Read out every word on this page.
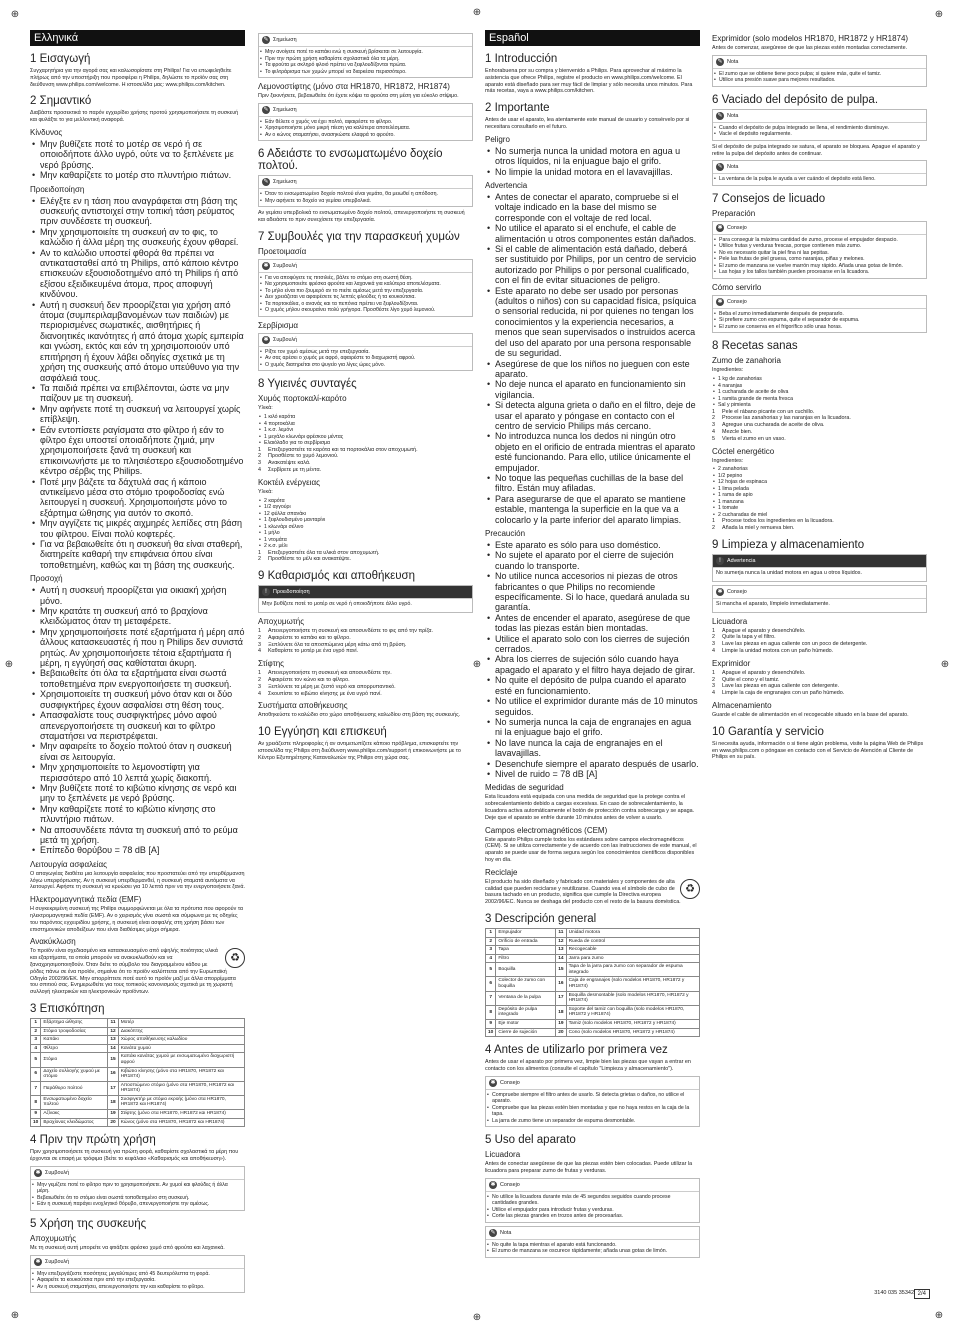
⊕	⊕	⊕
⊕	⊕	⊕
⊕	⊕	⊕
Ελληνικά
1 Εισαγωγή

Συγχαρητήρια για την αγορά σας και καλωσορίσατε στη Philips! Για να επωφεληθείτε πλήρως από την υποστήριξη που προσφέρει η Philips, δηλώστε το προϊόν σας στη διεύθυνση www.philips.com/welcome. Η ιστοσελίδα μας: www.philips.com/kitchen.

2 Σημαντικό

Διαβάστε προσεκτικά το παρόν εγχειρίδιο χρήσης προτού χρησιμοποιήσετε τη συσκευή και φυλάξτε το για μελλοντική αναφορά.

Κίνδυνος
• Μην βυθίζετε ποτέ το μοτέρ σε νερό ή σε οποιοδήποτε άλλο υγρό, ούτε να το ξεπλένετε με νερό βρύσης.
• Μην καθαρίζετε το μοτέρ στο πλυντήριο πιάτων.
Προειδοποίηση
• Ελέγξτε εν η τάση που αναγράφεται στη βάση της συσκευής αντιστοιχεί στην τοπική τάση ρεύματος πριν συνδέσετε τη συσκευή.
• Μην χρησιμοποιείτε τη συσκευή αν το φις, το καλώδιο ή άλλα μέρη της συσκευής έχουν φθαρεί.
• Αν το καλώδιο υποστεί φθορά θα πρέπει να αντικατασταθεί από τη Philips, από κάποιο κέντρο επισκευών εξουσιοδοτημένο από τη Philips ή από εξίσου εξειδικευμένα άτομα, προς αποφυγή κινδύνου.
• Αυτή η συσκευή δεν προορίζεται για χρήση από άτομα (συμπεριλαμβανομένων των παιδιών) με περιορισμένες σωματικές, αισθητήριες ή διανοητικές ικανότητες ή από άτομα χωρίς εμπειρία και γνώση, εκτός και εάν τη χρησιμοποιούν υπό επιτήρηση ή έχουν λάβει οδηγίες σχετικά με τη χρήση της συσκευής από άτομο υπεύθυνο για την ασφάλειά τους.
• Τα παιδιά πρέπει να επιβλέπονται, ώστε να μην παίζουν με τη συσκευή.
• Μην αφήνετε ποτέ τη συσκευή να λειτουργεί χωρίς επίβλεψη.
• Εάν εντοπίσετε ραγίσματα στο φίλτρο ή εάν το φίλτρο έχει υποστεί οποιαδήποτε ζημιά, μην χρησιμοποιήσετε ξανά τη συσκευή και επικοινωνήστε με το πλησιέστερο εξουσιοδοτημένο κέντρο σέρβις της Philips.
• Ποτέ μην βάζετε τα δάχτυλά σας ή κάποιο αντικείμενο μέσα στο στόμιο τροφοδοσίας ενώ λειτουργεί η συσκευή. Χρησιμοποιήστε μόνο το εξάρτημα ώθησης για αυτόν το σκοπό.
• Μην αγγίζετε τις μικρές αιχμηρές λεπίδες στη βάση του φίλτρου. Είναι πολύ κοφτερές.
• Για να βεβαιωθείτε ότι η συσκευή θα είναι σταθερή, διατηρείτε καθαρή την επιφάνεια όπου είναι τοποθετημένη, καθώς και τη βάση της συσκευής.
Προσοχή
• Αυτή η συσκευή προορίζεται για οικιακή χρήση μόνο.
• Μην κρατάτε τη συσκευή από το βραχίονα κλειδώματος όταν τη μεταφέρετε.
• Μην χρησιμοποιήσετε ποτέ εξαρτήματα ή μέρη από άλλους κατασκευαστές ή που η Philips δεν συνιστά ρητώς. Αν χρησιμοποιήσετε τέτοια εξαρτήματα ή μέρη, η εγγύησή σας καθίσταται άκυρη.
• Βεβαιωθείτε ότι όλα τα εξαρτήματα είναι σωστά τοποθετημένα πριν ενεργοποιήσετε τη συσκευή.
• Χρησιμοποιείτε τη συσκευή μόνο όταν και οι δύο συσφιγκτήρες έχουν ασφαλίσει στη θέση τους.
• Απασφαλίστε τους συσφιγκτήρες μόνο αφού απενεργοποιήσετε τη συσκευή και το φίλτρο σταματήσει να περιστρέφεται.
• Μην αφαιρείτε το δοχείο πολτού όταν η συσκευή είναι σε λειτουργία.
• Μην χρησιμοποιείτε το λεμονοστίφτη για περισσότερο από 10 λεπτά χωρίς διακοπή.
• Μην βυθίζετε ποτέ το κιβώτιο κίνησης σε νερό και μην το ξεπλένετε με νερό βρύσης.
• Μην καθαρίζετε ποτέ το κιβώτιο κίνησης στο πλυντήριο πιάτων.
• Να αποσυνδέετε πάντα τη συσκευή από το ρεύμα μετά τη χρήση.
• Επίπεδο θορύβου = 78 dB [A]
Λειτουργία ασφαλείας

Ο απαγωγέας διαθέτει μια λειτουργία ασφαλείας που προστατεύει από την υπερθέρμανση λόγω υπερφόρτωσης. Αν η συσκευή υπερθερμανθεί, η συσκευή σταματά αυτόματα να λειτουργεί. Αφήστε τη συσκευή να κρυώσει για 10 λεπτά πριν να την ενεργοποιήσετε ξανά.

Ηλεκτρομαγνητικά πεδία (EMF)

Η συγκεκριμένη συσκευή της Philips συμμορφώνεται με όλα τα πρότυπα που αφορούν τα ηλεκτρομαγνητικά πεδία (EMF). Αν ο χειρισμός γίνει σωστά και σύμφωνα με τις οδηγίες του παρόντος εγχειριδίου χρήσης, η συσκευή είναι ασφαλής στη χρήση βάσει των επιστημονικών αποδείξεων που είναι διαθέσιμες μέχρι σήμερα.

Ανακύκλωση
♻

Το προϊόν είναι σχεδιασμένο και κατασκευασμένο από υψηλής ποιότητας υλικά και εξαρτήματα, τα οποία μπορούν να ανακυκλωθούν και να ξαναχρησιμοποιηθούν. Όταν δείτε το σύμβολο του διαγραμμένου κάδου με ρόδες πάνω σε ένα προϊόν, σημαίνει ότι το προϊόν καλύπτεται από την Ευρωπαϊκή Οδηγία 2002/96/ΕΚ. Μην απορρίπτετε ποτέ αυτό το προϊόν μαζί με άλλα απορρίμματα του σπιτιού σας. Ενημερωθείτε για τους τοπικούς κανονισμούς σχετικά με τη χωριστή συλλογή ηλεκτρικών και ηλεκτρονικών προϊόντων.

3 Επισκόπηση
1	Εξάρτημα ώθησης	11	Μοτέρ
2	Στόμιο τροφοδοσίας	12	Διακόπτης
3	Καπάκι	13	Χώρος αποθήκευσης καλωδίου
4	Φίλτρο	14	Κανάτα χυμού
5	Στόμιο	15	Καπάκι κανάτας χυμού με ενσωματωμένο διαχωριστή αφρού
6	Δοχείο συλλογής χυμού με στόμιο	16	Κιβώτιο κίνησης (μόνο στα HR1870, HR1872 και HR1874)
7	Παράθυρο πολτού	17	Αποσπώμενο στόμιο (μόνο στα HR1870, HR1872 και HR1874)
8	Ενσωματωμένο δοχείο πολτού	18	Συσφιγκτήρ με στόμιο εκροής (μόνο στα HR1870, HR1872 και HR1874)
9	Αζίνακς	19	Στίφτης (μόνο στα HR1870, HR1872 και HR1874)
10	Βραχίονας κλειδώματος	20	Κώνος (μόνο στα HR1870, HR1872 και HR1874)
4 Πριν την πρώτη χρήση

Πριν χρησιμοποιήσετε τη συσκευή για πρώτη φορά, καθαρίστε σχολαστικά τα μέρη που έρχονται σε επαφή με τρόφιμα (δείτε το κεφάλαιο «Καθαρισμός και αποθήκευση»).

✱ Συμβουλή
• Μην γεμίζετε ποτέ το φίλτρο πριν το χρησιμοποιήσετε. Αν χυμοί και φλούδες ή άλλα μέρη.
• Βεβαιωθείτε ότι το στόμιο είναι σωστά τοποθετημένο στη συσκευή.
• Εάν η συσκευή παράγει ενοχλητικό θόρυβο, απενεργοποιήστε την αμέσως.
5 Χρήση της συσκευής
Απoχυμωτής

Με τη συσκευή αυτή μπορείτε να φτιάξετε φρέσκο χυμό από φρούτα και λαχανικά.

✱ Συμβουλή
• Μην επεξεργάζεστε ποσότητες μεγαλύτερες από 45 δευτερόλεπτα τη φορά.
• Αφαιρείτε τα κουκούτσια πριν από την επεξεργασία.
• Αν η συσκευή σταματήσει, απενεργοποιήστε την και καθαρίστε το φίλτρο.
✎ Σημείωση
• Μην ανοίγετε ποτέ το καπάκι ενώ η συσκευή βρίσκεται σε λειτουργία.
• Πριν την πρώτη χρήση καθαρίστε σχολαστικά όλα τα μέρη.
• Τα φρούτα με σκληρό φλοιό πρέπει να ξεφλουδίζονται πρώτα.
• Το φιλτράρισμα των χυμών μπορεί να διαρκέσει περισσότερο.
Λεμονοστίφτης (μόνο στα HR1870, HR1872, HR1874)

Πριν ξεκινήσετε, βεβαιωθείτε ότι έχετε κόψει τα φρούτα στη μέση για εύκολο στίψιμο.

✎ Σημείωση
• Εάν θέλετε ο χυμός να έχει πολτό, αφαιρέστε το φίλτρο.
• Χρησιμοποιήστε μόνο μικρή πίεση για καλύτερα αποτελέσματα.
• Αν ο κώνος σταματήσει, ανασηκώστε ελαφρά το φρούτο.
6 Αδειάστε το ενσωματωμένο δοχείο πολτού.
✎ Σημείωση
• Όταν το ενσωματωμένο δοχείο πολτού είναι γεμάτο, θα μειωθεί η απόδοση.
• Μην αφήνετε το δοχείο να γεμίσει υπερβολικά.

Αν γεμίσει υπερβολικά το ενσωματωμένο δοχείο πολτού, απενεργοποιήστε τη συσκευή και αδειάστε το πριν συνεχίσετε την επεξεργασία.

7 Συμβουλές για την παρασκευή χυμών
Προετοιμασία
✱ Συμβουλή
• Για να αποφύγετε τις πιτσιλιές, βάλτε το στόμιο στη σωστή θέση.
• Να χρησιμοποιείτε φρέσκα φρούτα και λαχανικά για καλύτερα αποτελέσματα.
• Το μήλο είναι πιο ζουμερό αν το πιείτε αμέσως μετά την επεξεργασία.
• Δεν χρειάζεται να αφαιρέσετε τις λεπτές φλούδες ή τα κουκούτσια.
• Τα πορτοκάλια, ο ανανάς και τα πεπόνια πρέπει να ξεφλουδίζονται.
• Ο χυμός μήλου σκουραίνει πολύ γρήγορα. Προσθέστε λίγο χυμό λεμονιού.
Σερβίρισμα
✱ Συμβουλή
• Ρίξτε τον χυμό αμέσως μετά την επεξεργασία.
• Αν σας αρέσει ο χυμός με αφρό, αφαιρέστε το διαχωριστή αφρού.
• Ο χυμός διατηρείται στο ψυγείο για λίγες ώρες μόνο.
8 Υγιεινές συνταγές
Χυμός πορτοκαλί-καρότο

Υλικά:

• 1 κιλό καρότα
• 4 πορτοκάλια
• 1 κ.σ. λεμόνι
• 1 μεγάλο κλωνάρι φρέσκου μέντας
• Ελαιόλαδο για το σερβίρισμα
1	Επεξεργαστείτε τα καρότα και τα πορτοκάλια στον απoχυμωτή.
2	Προσθέστε το χυμό λεμονιού.
3	Ανακατέψτε καλά.
4	Σερβίρετε με τη μέντα.
Κοκτέιλ ενέργειας

Υλικά:

• 2 καρότα
• 1/2 αγγούρι
• 12 φύλλα σπανάκι
• 1 ξεφλουδισμένο μανταρίνι
• 1 κλωνάρι σέλινο
• 1 μήλο
• 1 ντομάτα
• 2 κ.σ. μέλι
1	Επεξεργαστείτε όλα τα υλικά στον απoχυμωτή.
2	Προσθέστε το μέλι και ανακατέψτε.
9 Καθαρισμός και αποθήκευση
!	Προειδοποίηση

Μην βυθίζετε ποτέ το μοτέρ σε νερό ή οποιοδήποτε άλλο υγρό.

Απoχυμωτής
1	Απενεργοποιήστε τη συσκευή και αποσυνδέστε το φις από την πρίζα.
2	Αφαιρέστε το καπάκι και το φίλτρο.
3	Ξεπλύνετε όλα τα αποσπώμενα μέρη κάτω από τη βρύση.
4	Καθαρίστε το μοτέρ με ένα υγρό πανί.
Στίφτης
1	Απενεργοποιήστε τη συσκευή και αποσυνδέστε την.
2	Αφαιρέστε τον κώνο και το φίλτρο.
3	Ξεπλύνετε τα μέρη με ζεστό νερό και απορρυπαντικό.
4	Σκουπίστε το κιβώτιο κίνησης με ένα υγρό πανί.
Συστήματα αποθήκευσης

Αποθηκεύστε το καλώδιο στο χώρο αποθήκευσης καλωδίου στη βάση της συσκευής.

10 Εγγύηση και επισκευή

Αν χρειάζεστε πληροφορίες ή αν αντιμετωπίζετε κάποιο πρόβλημα, επισκεφτείτε την ιστοσελίδα της Philips στη διεύθυνση www.philips.com/support ή επικοινωνήστε με το Κέντρο Εξυπηρέτησης Καταναλωτών της Philips στη χώρα σας.

Español
1 Introducción

Enhorabuena por su compra y bienvenido a Philips. Para aprovechar al máximo la asistencia que ofrece Philips, registre el producto en www.philips.com/welcome. El aparato está diseñado para ser muy fácil de limpiar y sólo necesita unos minutos. Para más recetas, vaya a www.philips.com/kitchen.

2 Importante

Antes de usar el aparato, lea atentamente este manual de usuario y consérvelo por si necesitara consultarlo en el futuro.

Peligro
• No sumerja nunca la unidad motora en agua u otros líquidos, ni la enjuague bajo el grifo.
• No limpie la unidad motora en el lavavajillas.
Advertencia
• Antes de conectar el aparato, compruebe si el voltaje indicado en la base del mismo se corresponde con el voltaje de red local.
• No utilice el aparato si el enchufe, el cable de alimentación u otros componentes están dañados.
• Si el cable de alimentación está dañado, deberá ser sustituido por Philips, por un centro de servicio autorizado por Philips o por personal cualificado, con el fin de evitar situaciones de peligro.
• Este aparato no debe ser usado por personas (adultos o niños) con su capacidad física, psíquica o sensorial reducida, ni por quienes no tengan los conocimientos y la experiencia necesarios, a menos que sean supervisados o instruidos acerca del uso del aparato por una persona responsable de su seguridad.
• Asegúrese de que los niños no jueguen con este aparato.
• No deje nunca el aparato en funcionamiento sin vigilancia.
• Si detecta alguna grieta o daño en el filtro, deje de usar el aparato y póngase en contacto con el centro de servicio Philips más cercano.
• No introduzca nunca los dedos ni ningún otro objeto en el orificio de entrada mientras el aparato esté funcionando. Para ello, utilice únicamente el empujador.
• No toque las pequeñas cuchillas de la base del filtro. Están muy afiladas.
• Para asegurarse de que el aparato se mantiene estable, mantenga la superficie en la que va a colocarlo y la parte inferior del aparato limpias.
Precaución
• Este aparato es sólo para uso doméstico.
• No sujete el aparato por el cierre de sujeción cuando lo transporte.
• No utilice nunca accesorios ni piezas de otros fabricantes o que Philips no recomiende específicamente. Si lo hace, quedará anulada su garantía.
• Antes de encender el aparato, asegúrese de que todas las piezas están bien montadas.
• Utilice el aparato solo con los cierres de sujeción cerrados.
• Abra los cierres de sujeción sólo cuando haya apagado el aparato y el filtro haya dejado de girar.
• No quite el depósito de pulpa cuando el aparato esté en funcionamiento.
• No utilice el exprimidor durante más de 10 minutos seguidos.
• No sumerja nunca la caja de engranajes en agua ni la enjuague bajo el grifo.
• No lave nunca la caja de engranajes en el lavavajillas.
• Desenchufe siempre el aparato después de usarlo.
• Nivel de ruido = 78 dB [A]
Medidas de seguridad

Esta licuadora está equipada con una medida de seguridad que la protege contra el sobrecalentamiento debido a cargas excesivas. En caso de sobrecalentamiento, la licuadora activa automáticamente el botón de protección contra sobrecarga y se apaga. Deje que el aparato se enfríe durante 10 minutos antes de volver a usarlo.

Campos electromagnéticos (CEM)

Este aparato Philips cumple todos los estándares sobre campos electromagnéticos (CEM). Si se utiliza correctamente y de acuerdo con las instrucciones de este manual, el aparato se puede usar de forma segura según los conocimientos científicos disponibles hoy en día.

Reciclaje
♻

El producto ha sido diseñado y fabricado con materiales y componentes de alta calidad que pueden reciclarse y reutilizarse. Cuando vea el símbolo de cubo de basura tachado en un producto, significa que cumple la Directiva europea 2002/96/EC. Nunca se deshaga del producto con el resto de la basura doméstica.

3 Descripción general
1	Empujador	11	Unidad motora
2	Orificio de entrada	12	Rueda de control
3	Tapa	13	Recogecable
4	Filtro	14	Jarra para zumo
5	Boquilla	15	Tapa de la jarra para zumo con separador de espuma integrado
6	Colector de zumo con boquilla	16	Caja de engranajes (solo modelos HR1870, HR1872 y HR1874)
7	Ventana de la pulpa	17	Boquilla desmontable (solo modelos HR1870, HR1872 y HR1874)
8	Depósito de pulpa integrado	18	Soporte del tamiz con boquilla (solo modelos HR1870, HR1872 y HR1874)
9	Eje motor	19	Tamiz (solo modelos HR1870, HR1872 y HR1874)
10	Cierre de sujeción	20	Cono (solo modelos HR1870, HR1872 y HR1874)
4 Antes de utilizarlo por primera vez

Antes de usar el aparato por primera vez, limpie bien las piezas que vayan a entrar en contacto con los alimentos (consulte el capítulo "Limpieza y almacenamiento").

✱ Consejo
• Compruebe siempre el filtro antes de usarlo. Si detecta grietas o daños, no utilice el aparato.
• Compruebe que las piezas estén bien montadas y que no haya restos en la caja de la tapa.
• La jarra de zumo tiene un separador de espuma desmontable.
5 Uso del aparato
Licuadora

Antes de conectar asegúrese de que las piezas estén bien colocadas. Puede utilizar la licuadora para preparar zumo de frutas y verduras.

✱ Consejo
• No utilice la licuadora durante más de 45 segundos seguidos cuando procese cantidades grandes.
• Utilice el empujador para introducir frutas y verduras.
• Corte las piezas grandes en trozos antes de procesarlas.
✎ Nota
• No quite la tapa mientras el aparato está funcionando.
• El zumo de manzana se oscurece rápidamente; añada unas gotas de limón.
Exprimidor (solo modelos HR1870, HR1872 y HR1874)

Antes de comenzar, asegúrese de que las piezas estén montadas correctamente.

✎ Nota
• El zumo que se obtiene tiene poco pulpa; si quiere más, quite el tamiz.
• Utilice una presión suave para mejores resultados.
6 Vaciado del depósito de pulpa.
✎ Nota
• Cuando el depósito de pulpa integrado se llena, el rendimiento disminuye.
• Vacíe el depósito regularmente.

Si el depósito de pulpa integrado se satura, el aparato se bloquea. Apague el aparato y retire la pulpa del depósito antes de continuar.

✎ Nota
• La ventana de la pulpa le ayuda a ver cuándo el depósito está lleno.
7 Consejos de licuado
Preparación
✱ Consejo
• Para conseguir la máxima cantidad de zumo, procese el empujador despacio.
• Utilice frutas y verduras frescas, porque contienen más zumo.
• No es necesario quitar la piel fina ni las pepitas.
• Pele las frutas de piel gruesa, como naranjas, piñas y melones.
• El zumo de manzana se vuelve marrón muy rápido. Añada unas gotas de limón.
• Las hojas y los tallos también pueden procesarse en la licuadora.
Cómo servirlo
✱ Consejo
• Beba el zumo inmediatamente después de prepararlo.
• Si prefiere zumo con espuma, quite el separador de espuma.
• El zumo se conserva en el frigorífico sólo unas horas.
8 Recetas sanas
Zumo de zanahoria

Ingredientes:

• 1 kg de zanahorias
• 4 naranjas
• 1 cucharada de aceite de oliva
• 1 ramita grande de menta fresca
• Sal y pimienta
1	Pele el rábano picante con un cuchillo.
2	Procese las zanahorias y las naranjas en la licuadora.
3	Agregue una cucharada de aceite de oliva.
4	Mezcle bien.
5	Vierta el zumo en un vaso.
Cóctel energético

Ingredientes:

• 2 zanahorias
• 1/2 pepino
• 12 hojas de espinaca
• 1 lima pelada
• 1 rama de apio
• 1 manzana
• 1 tomate
• 2 cucharadas de miel
1	Procese todos los ingredientes en la licuadora.
2	Añada la miel y remueva bien.
9 Limpieza y almacenamiento
!	Advertencia

No sumerja nunca la unidad motora en agua u otros líquidos.

✱ Consejo

Si mancha el aparato, límpielo inmediatamente.

Licuadora
1	Apague el aparato y desenchúfelo.
2	Quite la tapa y el filtro.
3	Lave las piezas en agua caliente con un poco de detergente.
4	Limpie la unidad motora con un paño húmedo.
Exprimidor
1	Apague el aparato y desenchúfelo.
2	Quite el cono y el tamiz.
3	Lave las piezas en agua caliente con detergente.
4	Limpie la caja de engranajes con un paño húmedo.
Almacenamiento

Guarde el cable de alimentación en el recogecable situado en la base del aparato.

10 Garantía y servicio

Si necesita ayuda, información o si tiene algún problema, visite la página Web de Philips en www.philips.com o póngase en contacto con el Servicio de Atención al Cliente de Philips en su país.

3140 035 35342 2/4
